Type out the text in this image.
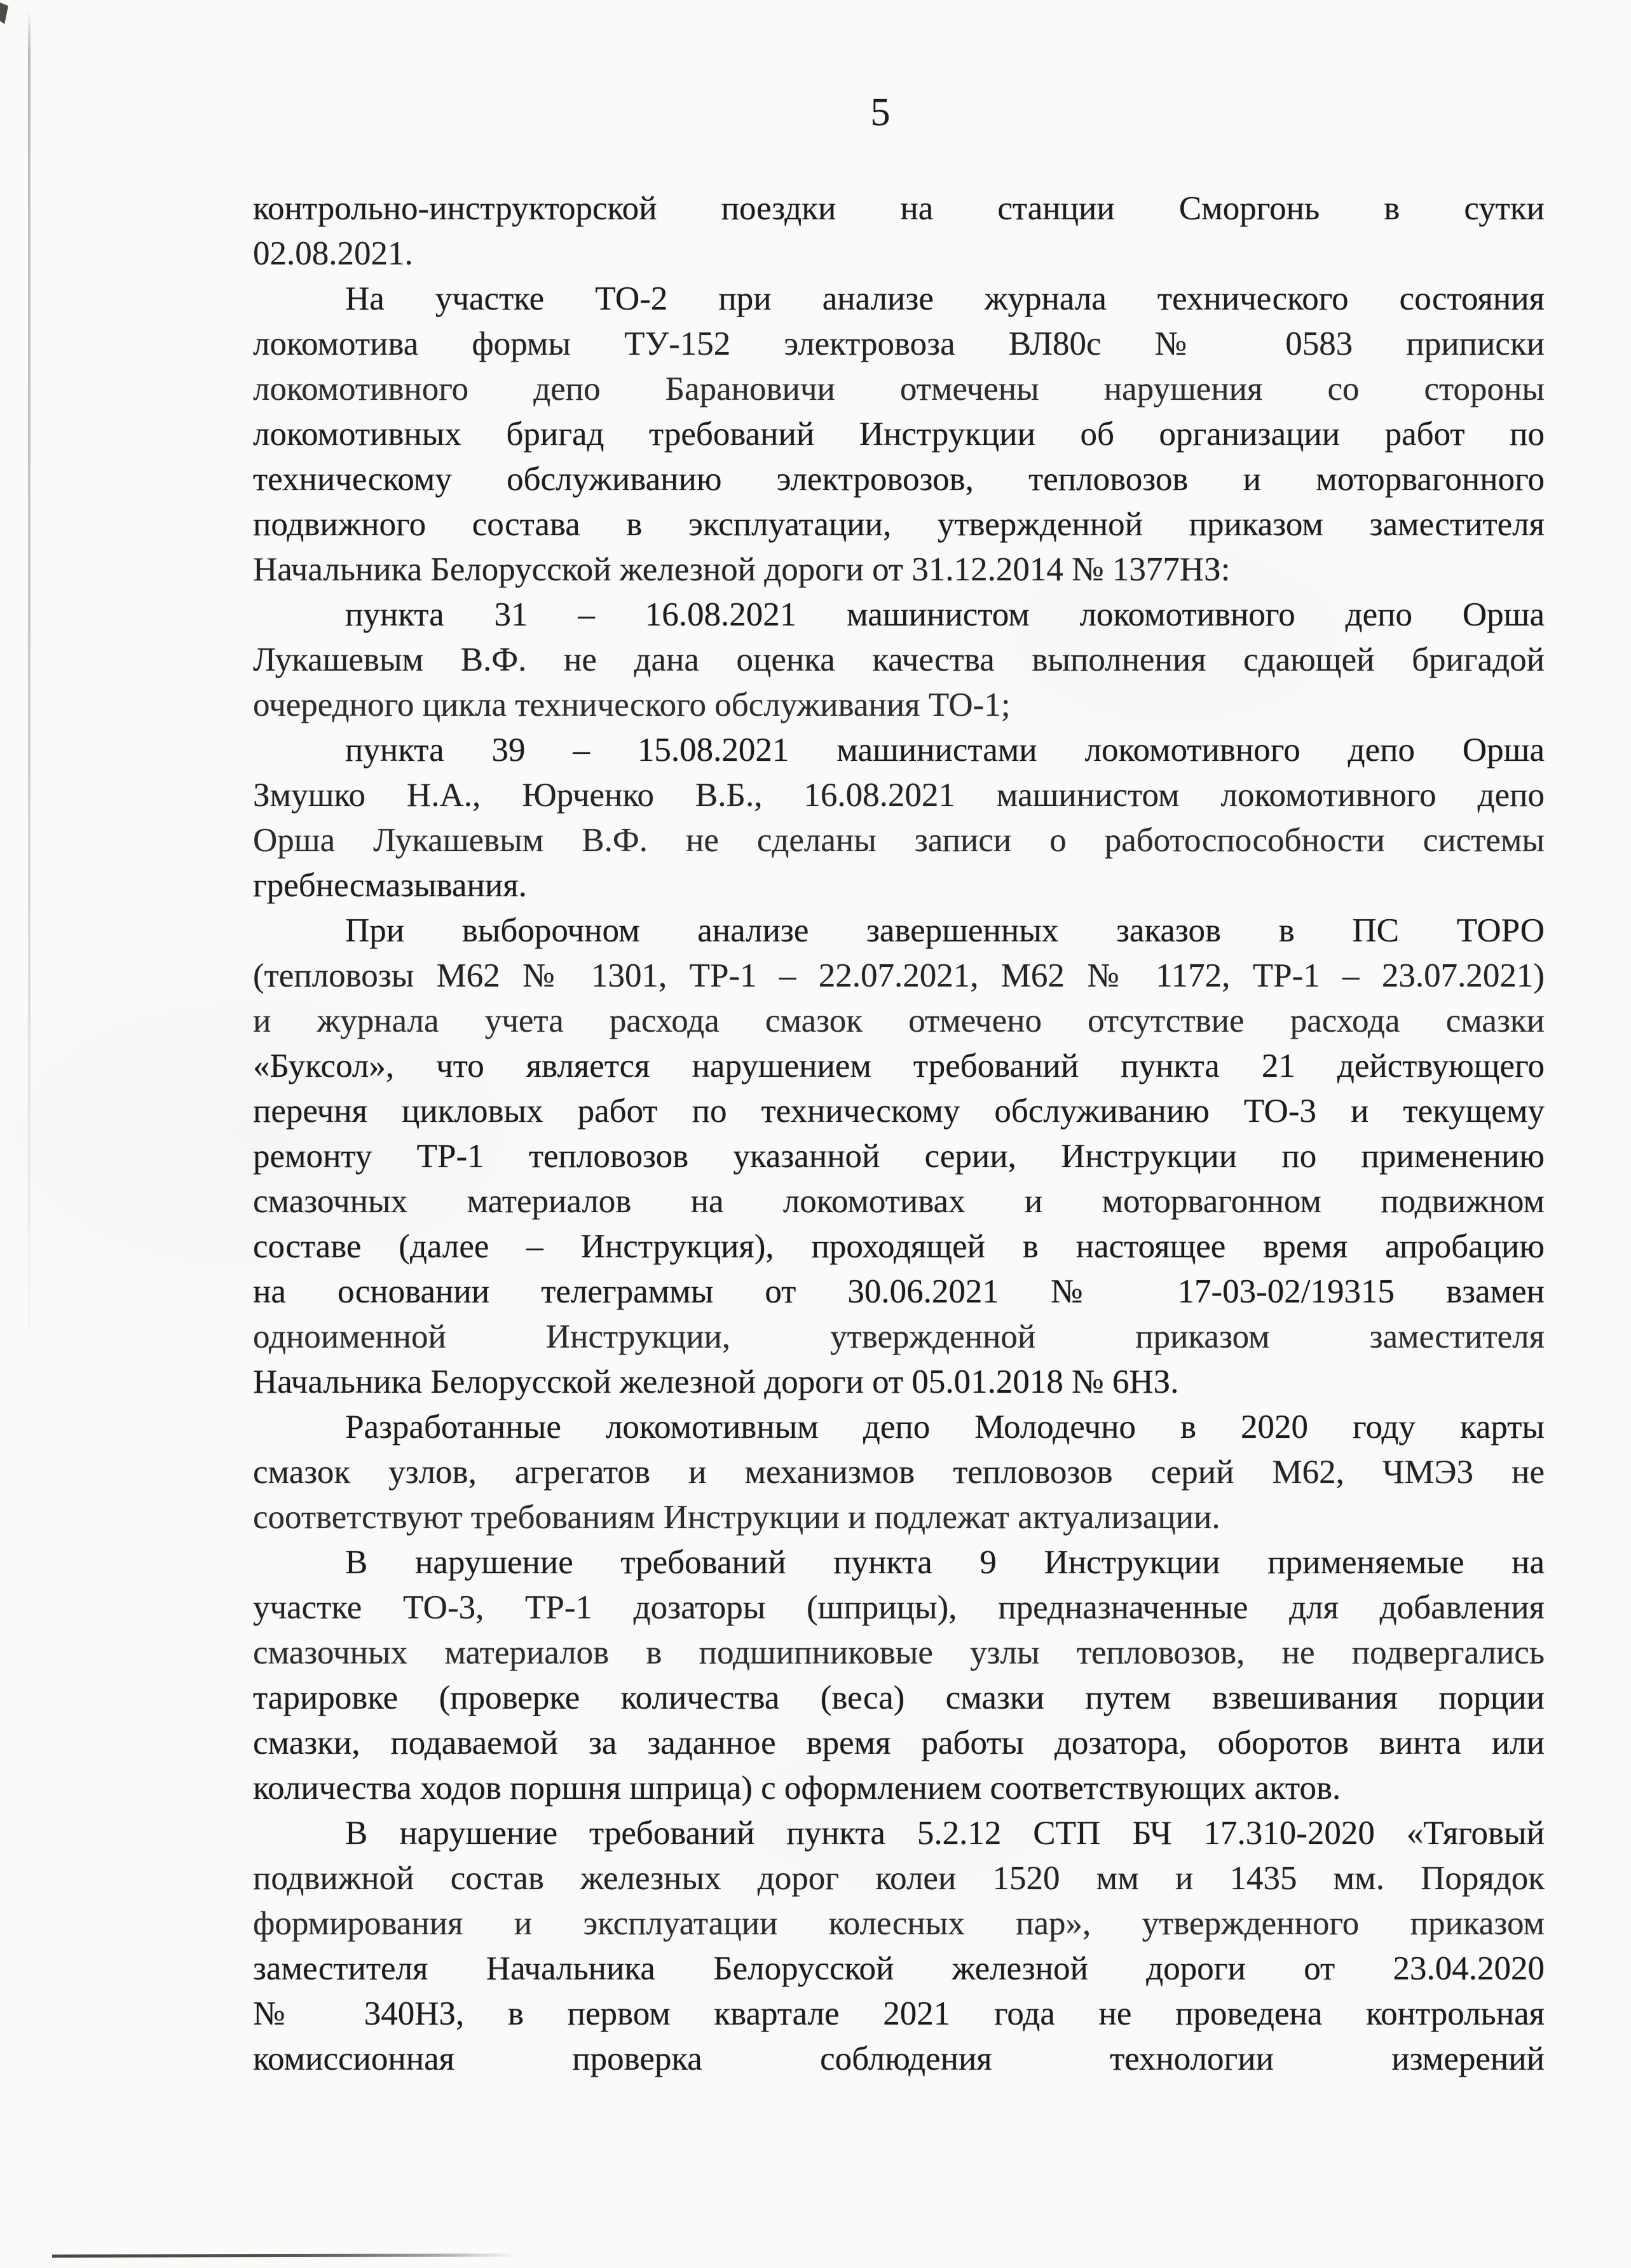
5
контрольно-инструкторской поездки на станции Сморгонь в сутки
02.08.2021.
На участке ТО-2 при анализе журнала технического состояния
локомотива формы ТУ-152 электровоза ВЛ80с № 0583 приписки
локомотивного депо Барановичи отмечены нарушения со стороны
локомотивных бригад требований Инструкции об организации работ по
техническому обслуживанию электровозов, тепловозов и моторвагонного
подвижного состава в эксплуатации, утвержденной приказом заместителя
Начальника Белорусской железной дороги от 31.12.2014 № 1377НЗ:
пункта 31 – 16.08.2021 машинистом локомотивного депо Орша
Лукашевым В.Ф. не дана оценка качества выполнения сдающей бригадой
очередного цикла технического обслуживания ТО-1;
пункта 39 – 15.08.2021 машинистами локомотивного депо Орша
Змушко Н.А., Юрченко В.Б., 16.08.2021 машинистом локомотивного депо
Орша Лукашевым В.Ф. не сделаны записи о работоспособности системы
гребнесмазывания.
При выборочном анализе завершенных заказов в ПС ТОРО
(тепловозы М62 № 1301, ТР-1 – 22.07.2021, М62 № 1172, ТР-1 – 23.07.2021)
и журнала учета расхода смазок отмечено отсутствие расхода смазки
«Буксол», что является нарушением требований пункта 21 действующего
перечня цикловых работ по техническому обслуживанию ТО-3 и текущему
ремонту ТР-1 тепловозов указанной серии, Инструкции по применению
смазочных материалов на локомотивах и моторвагонном подвижном
составе (далее – Инструкция), проходящей в настоящее время апробацию
на основании телеграммы от 30.06.2021 № 17-03-02/19315 взамен
одноименной Инструкции, утвержденной приказом заместителя
Начальника Белорусской железной дороги от 05.01.2018 № 6НЗ.
Разработанные локомотивным депо Молодечно в 2020 году карты
смазок узлов, агрегатов и механизмов тепловозов серий М62, ЧМЭ3 не
соответствуют требованиям Инструкции и подлежат актуализации.
В нарушение требований пункта 9 Инструкции применяемые на
участке ТО-3, ТР-1 дозаторы (шприцы), предназначенные для добавления
смазочных материалов в подшипниковые узлы тепловозов, не подвергались
тарировке (проверке количества (веса) смазки путем взвешивания порции
смазки, подаваемой за заданное время работы дозатора, оборотов винта или
количества ходов поршня шприца) с оформлением соответствующих актов.
В нарушение требований пункта 5.2.12 СТП БЧ 17.310-2020 «Тяговый
подвижной состав железных дорог колеи 1520 мм и 1435 мм. Порядок
формирования и эксплуатации колесных пар», утвержденного приказом
заместителя Начальника Белорусской железной дороги от 23.04.2020
№ 340НЗ, в первом квартале 2021 года не проведена контрольная
комиссионная проверка соблюдения технологии измерений
